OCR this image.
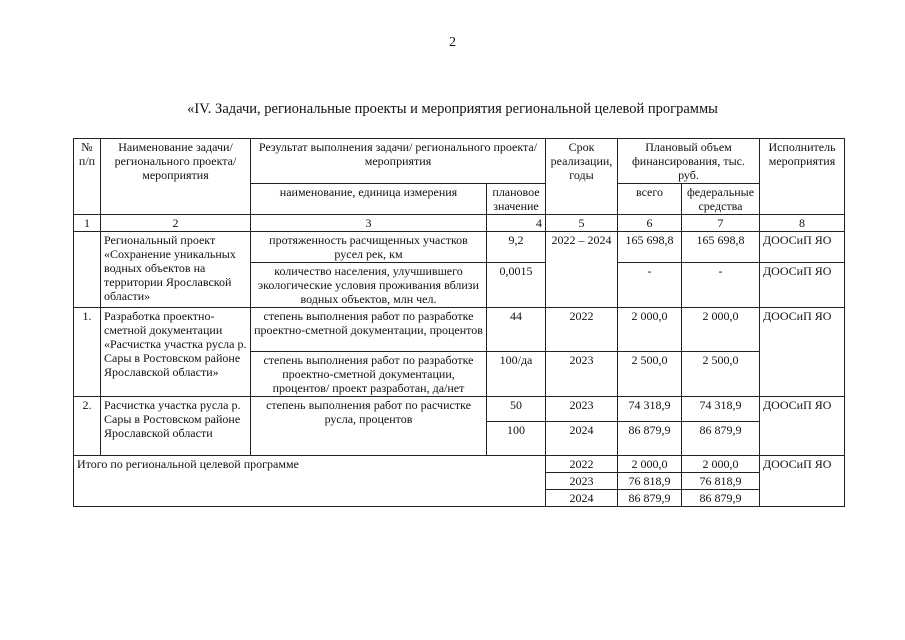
2
«IV. Задачи, региональные проекты и мероприятия региональной целевой программы
№ п/п	Наименование задачи/ регионального проекта/ мероприятия	Результат выполнения задачи/ регионального проекта/ мероприятия		Срок реализации, годы	Плановый объем финансирования, тыс. руб.		Исполнитель мероприятия
		наименование, единица измерения	плановое значение		всего	федеральные средства	
1	2	3	4	5	6	7	8
	Региональный проект «Сохранение уникальных водных объектов на территории Ярославской области»	протяженность расчищенных участков русел рек, км	9,2	2022 – 2024	165 698,8	165 698,8	ДООСиП ЯО
		количество населения, улучшившего экологические условия проживания вблизи водных объектов, млн чел.	0,0015		-	-	ДООСиП ЯО
1.	Разработка проектно-сметной документации «Расчистка участка русла р. Сары в Ростовском районе Ярославской области»	степень выполнения работ по разработке проектно-сметной документации, процентов	44	2022	2 000,0	2 000,0	ДООСиП ЯО
		степень выполнения работ по разработке проектно-сметной документации, процентов/ проект разработан, да/нет	100/да	2023	2 500,0	2 500,0	
2.	Расчистка участка русла р. Сары в Ростовском районе Ярославской области	степень выполнения работ по расчистке русла, процентов	50	2023	74 318,9	74 318,9	ДООСиП ЯО
			100	2024	86 879,9	86 879,9	
Итого по региональной целевой программе				2022	2 000,0	2 000,0	ДООСиП ЯО
				2023	76 818,9	76 818,9	
				2024	86 879,9	86 879,9	
